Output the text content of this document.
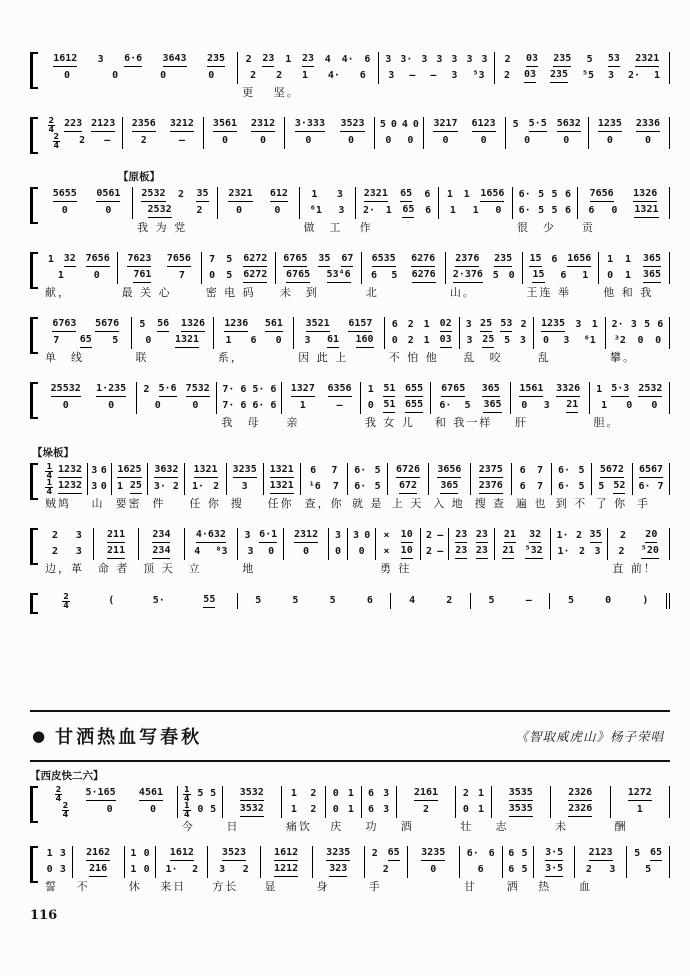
1612 3 6·6 3643 235
0	0	0	0
2 23 1 23 4 4· 6
2 2 1 4· 6
更　 坚。
3 3· 3 3 3 3 3
3 — — 3 ⁵3
2 03 235 5 53 2321
2 03 235 ⁵5 3 2· 1
$\frac{2}{4} 223$ 2123
$\frac{2}{4} 2$ —
2356 3212
2	—
3561 2312
0	0
3·333 3523
0	0
5 0 4 0
0 0
3217 6123
0	0
5 5·5 5632
0	0
1235 2336
0	0
【原板】
5655 0561
0	0
2532 2 35
2532 2
我 为 党
2321 612
0	0
1 3
⁶1 3
做　工
2321 65 6
2· 1 65 6
作
1 1 1656
1 1 0
6· 5 5 6
6· 5 5 6
很　少
7656 1326
6 0 1321
贡
1 32 7656
1	0
献，
7623 7656
761	7
最 关 心
7 5 6272
0 5 6272
密 电 码
6765 35 67
6765 53⁴6
未　到
6535 6276
6 5 6276
北
2376 235
2·376 5 0
山。
15 6 1656
15 6 1
王连 举
1 1 365
0 1 365
他 和 我
6763 5676
7 65 5
单　线
5 56 1326
0 1321
联
1236 561
1 6 0
系，
3521 6157
3 61 160
因 此 上
6 2 1 02
0 2 1 03
不 怕 他
3 25 53 2
3 25 5 3
乱　咬
1235 3 1
0 3 ⁶1
乱
2· 3 5 6
³2 0 0
攀。
25532 1·235
0	0
2 5·6 7532
0	0
7· 6 5· 6
7· 6 6· 6
我　母
1327 6356
1	—
亲
1 51 655
0 51 655
我 女 儿
6765 365
6· 5 365
和 我一样
1561 3326
0 3 21
肝
1 5·3 2532
1 0 0
胆。
【垛板】
$\frac{1}{4} 1232$
$\frac{1}{4} 1232$
贼鸠
3 6
3 0
山
1625
1 25
要密
3632
3· 2
件
1321
1· 2
任 你
3235
3
搜
1321
1321
任你
6 7
¹6 7
查，你
6· 5
6· 5
就 是
6726
672
上 天
3656
365
入 地
2375
2376
搜 查
6 7
6 7
遍 也
6· 5
6· 5
到 不
5672
5 52
了 你
6567
6· 7
手
2 3
2 3
边，革
211
211
命 者
234
234
顶 天
4·632
4 ⁸3
立
3 6·1
3 0
地
2312
0
3
0
3 0
0
× 10
× 10
勇 往
2 —
2 —
23 23
23 23
21 32
21 ⁵32
1· 2 35
1· 2 3
2 20
2 ⁵20
直 前！
$\frac{2}{4}$	(	5·	55	5	5	5	6	4	2	5	—	5	0	)
● 甘洒热血写春秋	《智取威虎山》杨子荣唱
【西皮快二六】
$\frac{2}{4} 5\cdot 165$ 4561
$\frac{2}{4}$	0	0
$\frac{1}{4} 5$ 5
$\frac{1}{4} 0$ 5
今
3532
3532
日
1 2
1 2
痛饮
0 1
0 1
庆
6 3
6 3
功
2161
2
酒
2 1
0 1
壮
3535
3535
志
2326
2326
未
1272
1
酬
1 3
0 3
誓
2162
216
不
1 0
1 0
休
1612
1· 2
来日
3523
3 2
方长
1612
1212
显
3235
323
身
2 65
2
手
3235
0
6· 6
6
甘
6 5
6 5
洒
3·5
3·5
热
2123
2 3
血
5 65
5
116
